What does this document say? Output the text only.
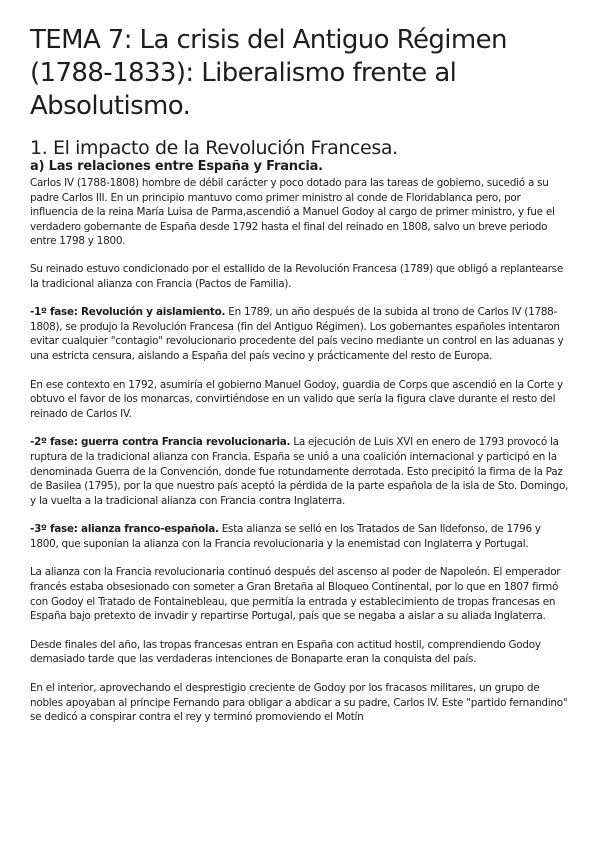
TEMA 7: La crisis del Antiguo Régimen (1788-1833): Liberalismo frente al Absolutismo.
1. El impacto de la Revolución Francesa.
a) Las relaciones entre España y Francia.

Carlos IV (1788-1808) hombre de débil carácter y poco dotado para las tareas de gobierno, sucedió a su padre Carlos III. En un principio mantuvo como primer ministro al conde de Floridablanca pero, por influencia de la reina María Luisa de Parma,ascendió a Manuel Godoy al cargo de primer ministro, y fue el verdadero gobernante de España desde 1792 hasta el final del reinado en 1808, salvo un breve periodo entre 1798 y 1800.

Su reinado estuvo condicionado por el estallido de la Revolución Francesa (1789) que obligó a replantearse la tradicional alianza con Francia (Pactos de Familia).

-1º fase: Revolución y aislamiento. En 1789, un año después de la subida al trono de Carlos IV (1788-1808), se produjo la Revolución Francesa (fin del Antiguo Régimen). Los gobernantes españoles intentaron evitar cualquier "contagio" revolucionario procedente del país vecino mediante un control en las aduanas y una estricta censura, aislando a España del país vecino y prácticamente del resto de Europa.

En ese contexto en 1792, asumiría el gobierno Manuel Godoy, guardia de Corps que ascendió en la Corte y obtuvo el favor de los monarcas, convirtiéndose en un valido que sería la figura clave durante el resto del reinado de Carlos IV.

-2º fase: guerra contra Francia revolucionaria. La ejecución de Luis XVI en enero de 1793 provocó la ruptura de la tradicional alianza con Francia. España se unió a una coalición internacional y participó en la denominada Guerra de la Convención, donde fue rotundamente derrotada. Esto precipitó la firma de la Paz de Basilea (1795), por la que nuestro país aceptó la pérdida de la parte española de la isla de Sto. Domingo, y la vuelta a la tradicional alianza con Francia contra Inglaterra.

-3º fase: alianza franco-española. Esta alianza se selló en los Tratados de San Ildefonso, de 1796 y 1800, que suponían la alianza con la Francia revolucionaria y la enemistad con Inglaterra y Portugal.

La alianza con la Francia revolucionaria continuó después del ascenso al poder de Napoleón. El emperador francés estaba obsesionado con someter a Gran Bretaña al Bloqueo Continental, por lo que en 1807 firmó con Godoy el Tratado de Fontainebleau, que permitía la entrada y establecimiento de tropas francesas en España bajo pretexto de invadir y repartirse Portugal, país que se negaba a aislar a su aliada Inglaterra.

Desde finales del año, las tropas francesas entran en España con actitud hostil, comprendiendo Godoy demasiado tarde que las verdaderas intenciones de Bonaparte eran la conquista del país.

En el interior, aprovechando el desprestigio creciente de Godoy por los fracasos militares, un grupo de nobles apoyaban al príncipe Fernando para obligar a abdicar a su padre, Carlos IV. Este "partido fernandino" se dedicó a conspirar contra el rey y terminó promoviendo el Motín
